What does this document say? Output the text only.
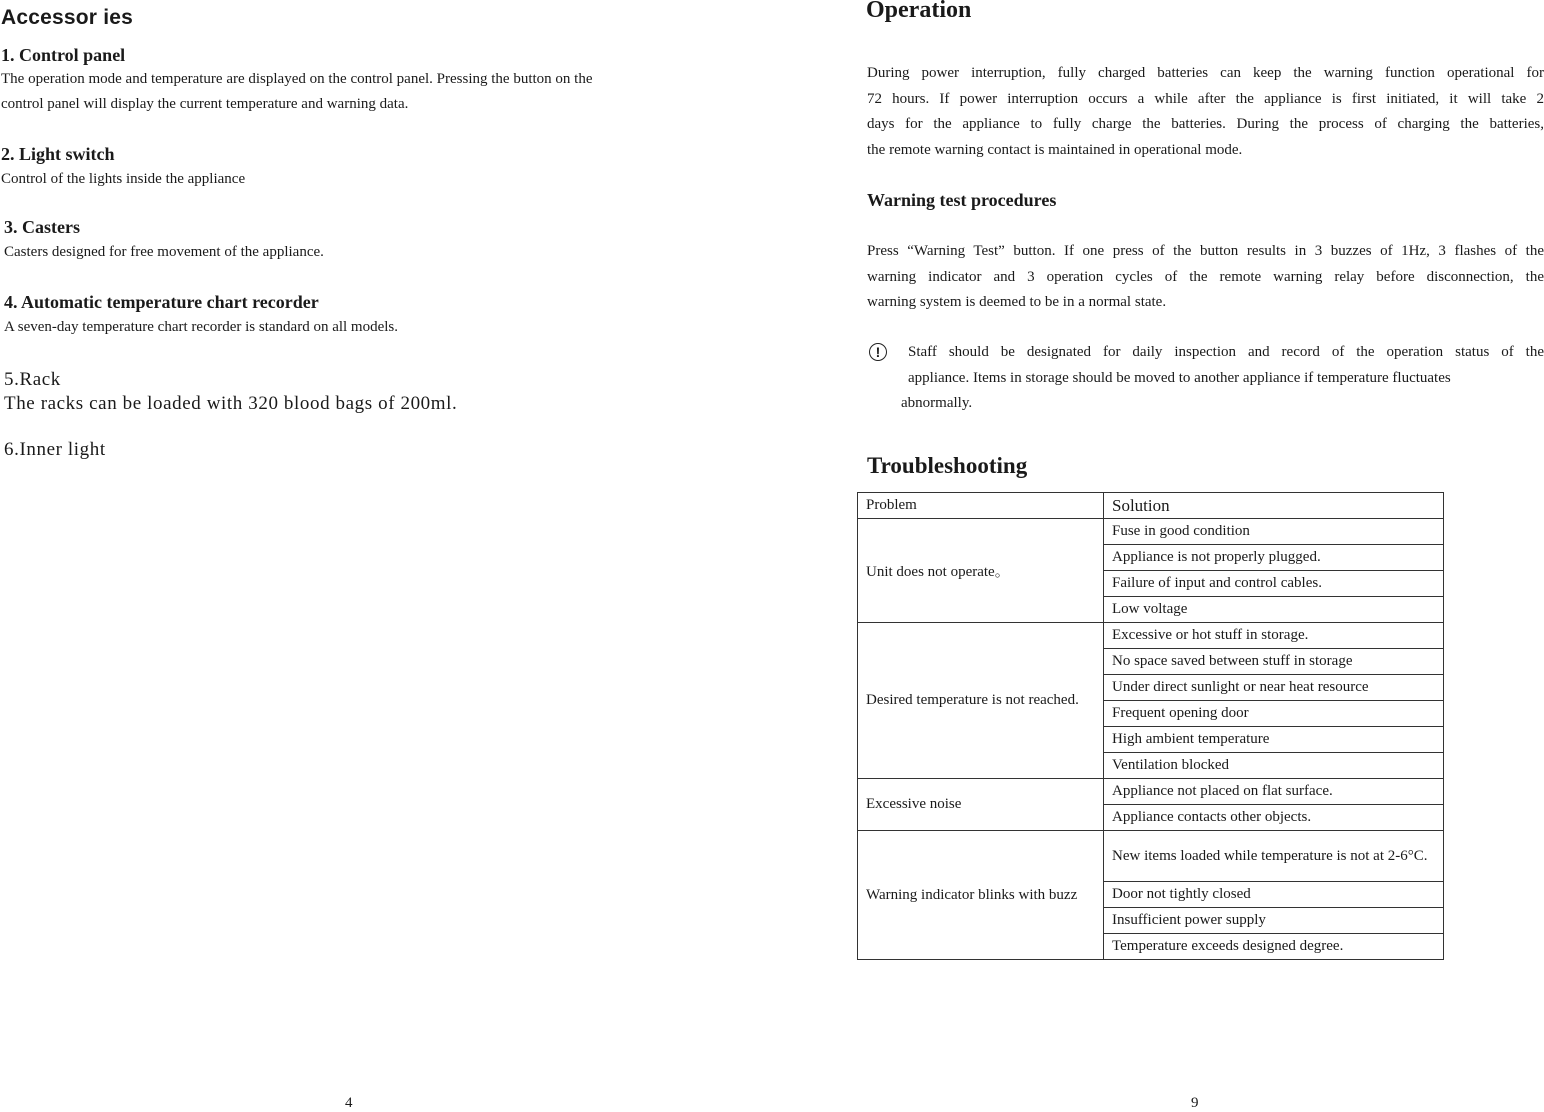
Accessor ies
1. Control panel
The operation mode and temperature are displayed on the control panel. Pressing the button on the
control panel will display the current temperature and warning data.
2. Light switch
Control of the lights inside the appliance
3. Casters
Casters designed for free movement of the appliance.
4. Automatic temperature chart recorder
A seven-day temperature chart recorder is standard on all models.
5.Rack
The racks can be loaded with 320 blood bags of 200ml.
6.Inner light
4
Operation
During power interruption, fully charged batteries can keep the warning function operational for
72 hours. If power interruption occurs a while after the appliance is first initiated, it will take 2
days for the appliance to fully charge the batteries. During the process of charging the batteries,
the remote warning contact is maintained in operational mode.
Warning test procedures
Press “Warning Test” button. If one press of the button results in 3 buzzes of 1Hz, 3 flashes of the
warning indicator and 3 operation cycles of the remote warning relay before disconnection, the
warning system is deemed to be in a normal state.
!	Staff should be designated for daily inspection and record of the operation status of the
appliance. Items in storage should be moved to another appliance if temperature fluctuates
abnormally.
Troubleshooting
Problem	Solution
Unit does not operate。	Fuse in good condition
	Appliance is not properly plugged.
	Failure of input and control cables.
	Low voltage
Desired temperature is not reached.	Excessive or hot stuff in storage.
	No space saved between stuff in storage
	Under direct sunlight or near heat resource
	Frequent opening door
	High ambient temperature
	Ventilation blocked
Excessive noise	Appliance not placed on flat surface.
	Appliance contacts other objects.
Warning indicator blinks with buzz	New items loaded while temperature is not at 2-6°C.
	Door not tightly closed
	Insufficient power supply
	Temperature exceeds designed degree.
9
